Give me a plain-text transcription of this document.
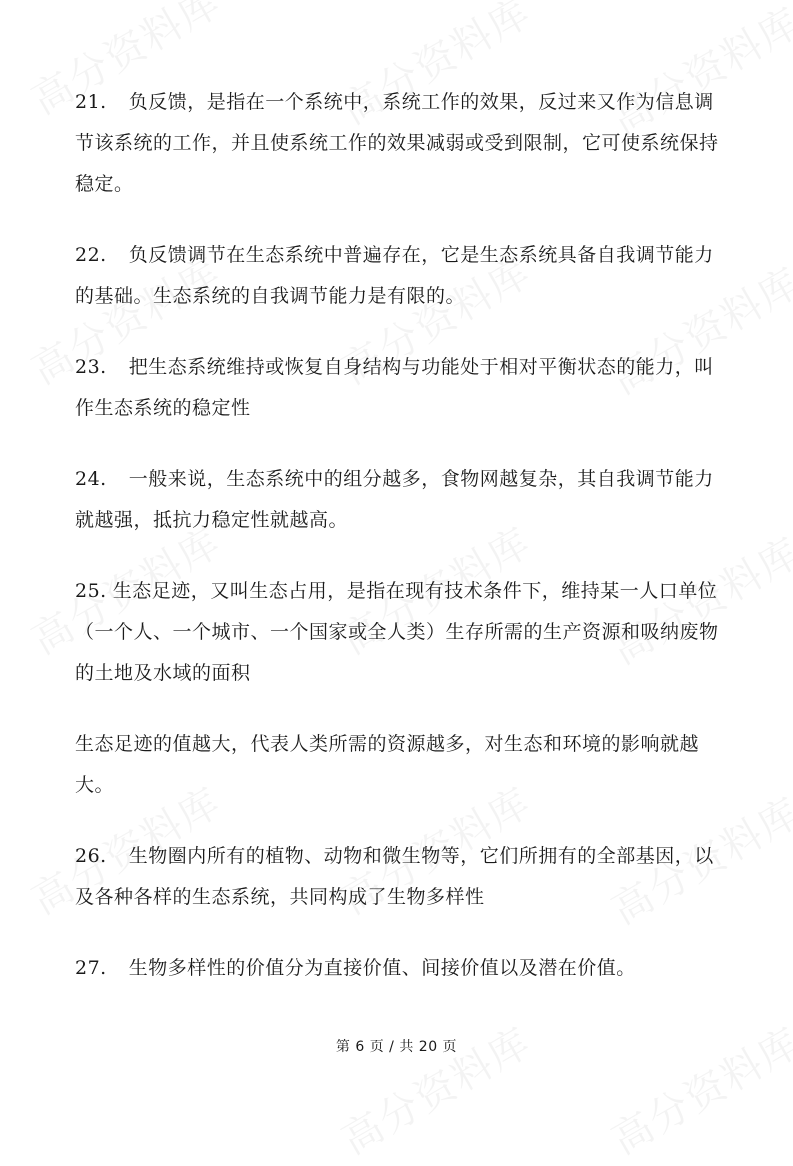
21. 负反馈，是指在一个系统中，系统工作的效果，反过来又作为信息调节该系统的工作，并且使系统工作的效果减弱或受到限制，它可使系统保持稳定。

22. 负反馈调节在生态系统中普遍存在，它是生态系统具备自我调节能力的基础。生态系统的自我调节能力是有限的。

23. 把生态系统维持或恢复自身结构与功能处于相对平衡状态的能力，叫作生态系统的稳定性

24. 一般来说，生态系统中的组分越多，食物网越复杂，其自我调节能力就越强，抵抗力稳定性就越高。

25. 生态足迹，又叫生态占用，是指在现有技术条件下，维持某一人口单位（一个人、一个城市、一个国家或全人类）生存所需的生产资源和吸纳废物的土地及水域的面积

生态足迹的值越大，代表人类所需的资源越多，对生态和环境的影响就越大。

26. 生物圈内所有的植物、动物和微生物等，它们所拥有的全部基因，以及各种各样的生态系统，共同构成了生物多样性

27. 生物多样性的价值分为直接价值、间接价值以及潜在价值。

第 6 页 / 共 20 页
